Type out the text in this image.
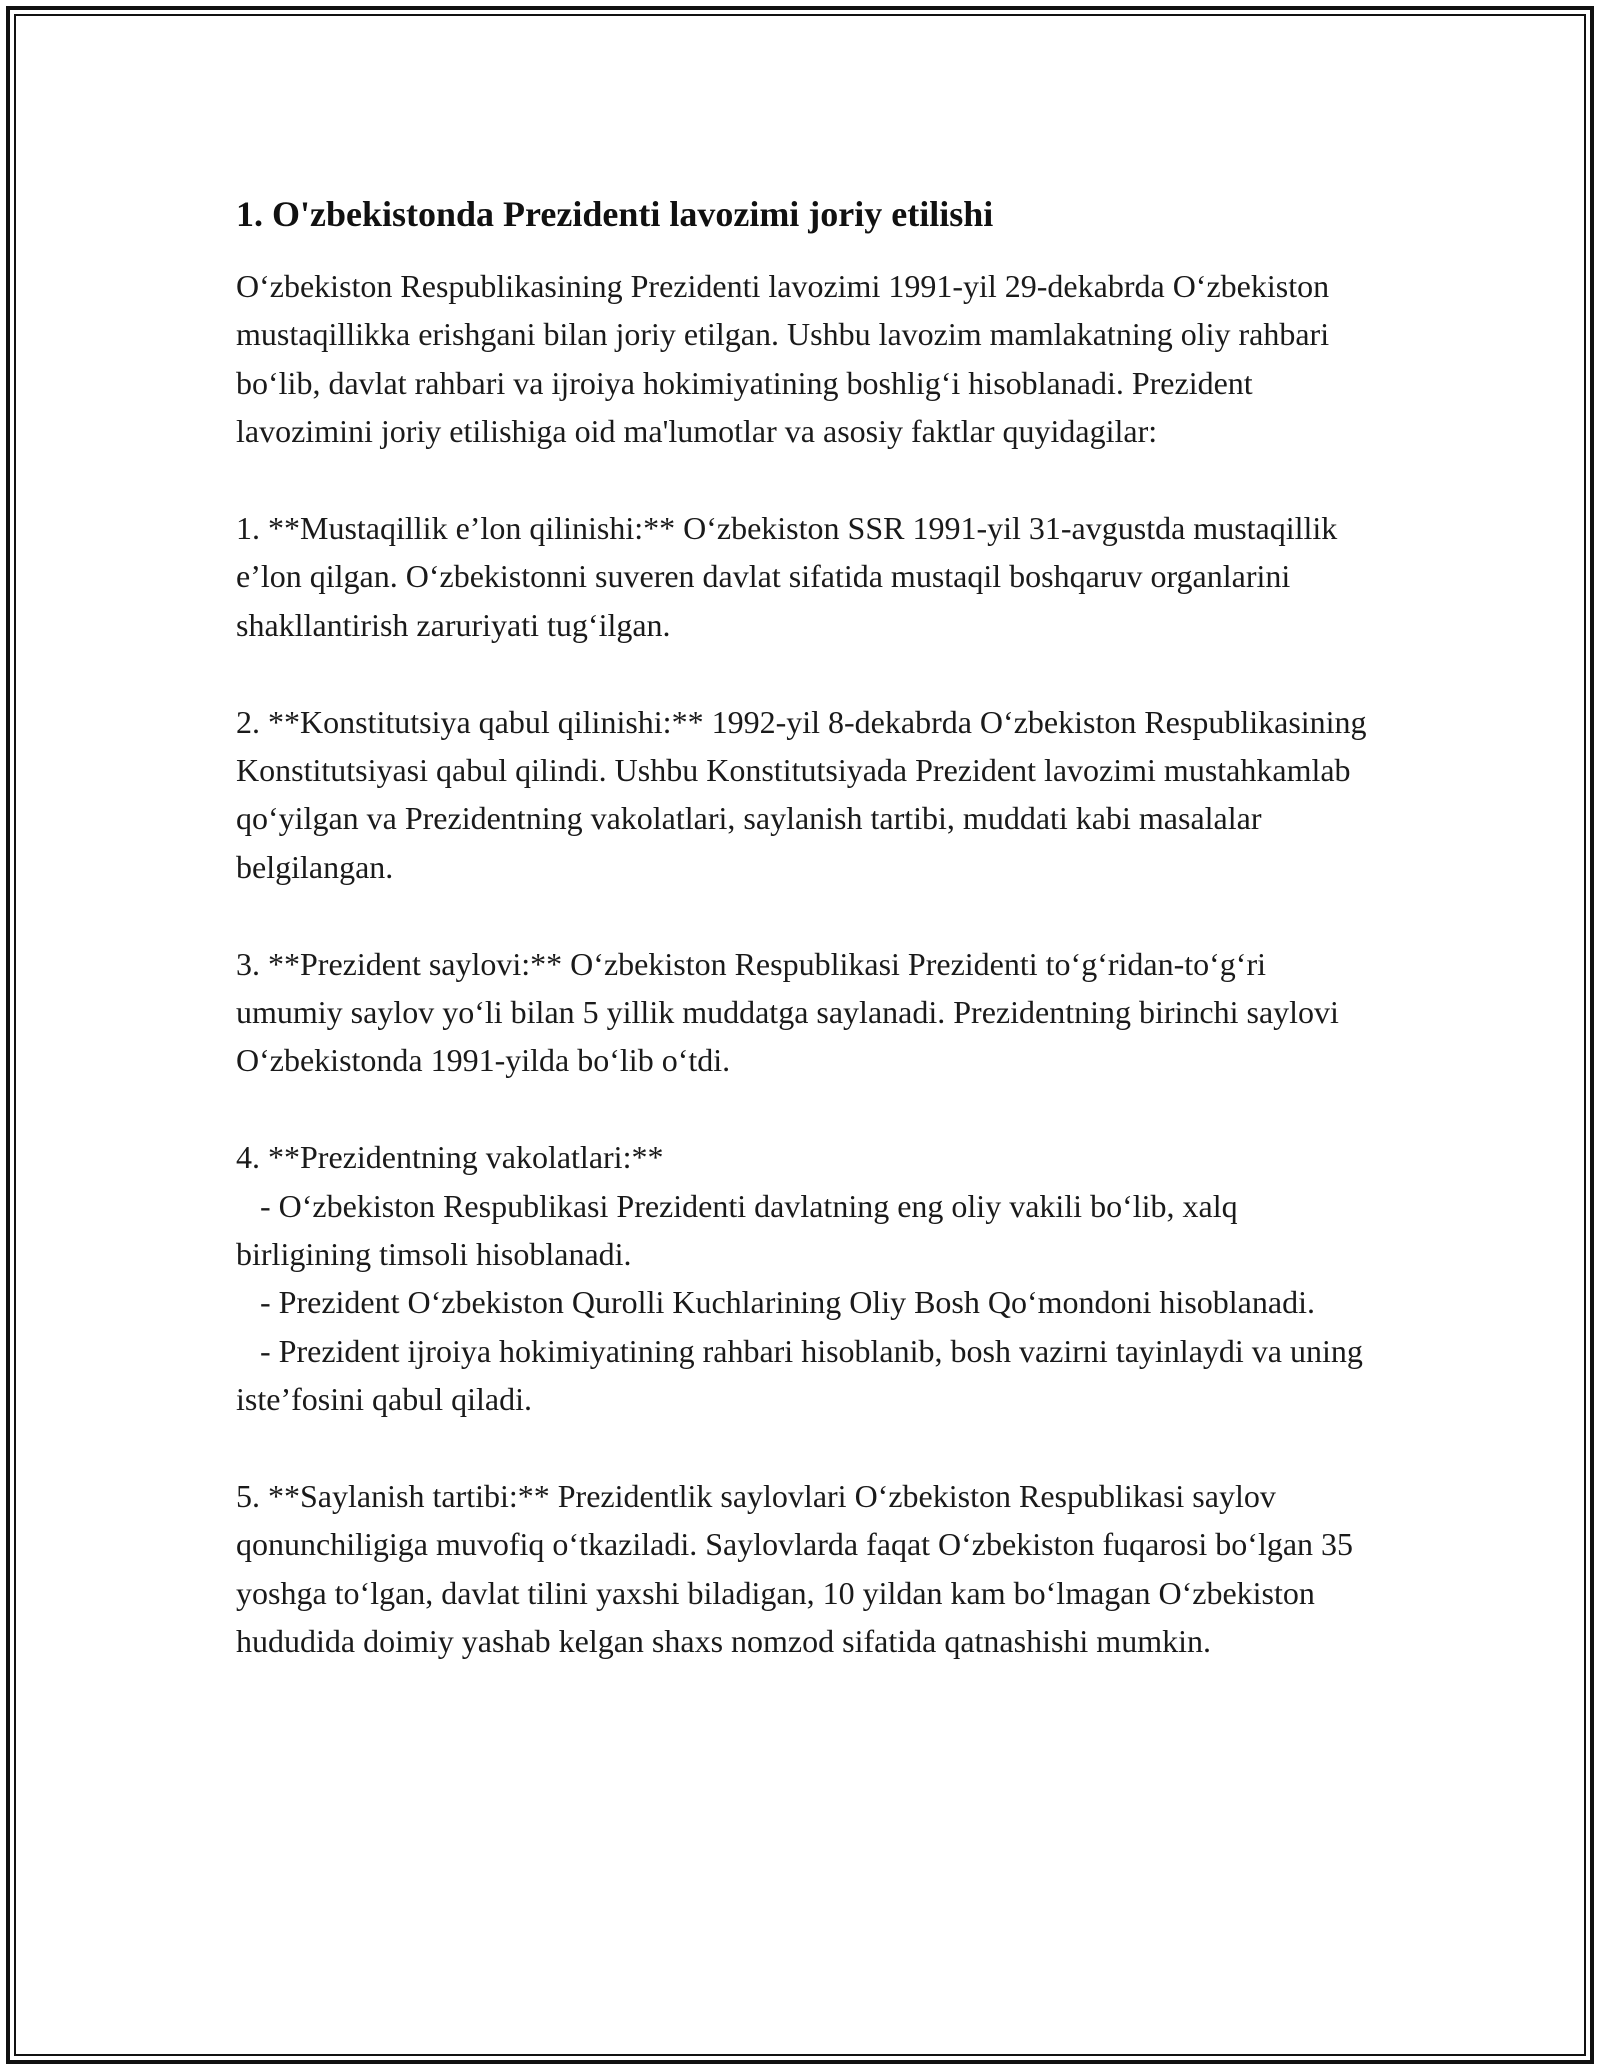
1. O'zbekistonda Prezidenti lavozimi joriy etilishi

O‘zbekiston Respublikasining Prezidenti lavozimi 1991-yil 29-dekabrda O‘zbekiston mustaqillikka erishgani bilan joriy etilgan. Ushbu lavozim mamlakatning oliy rahbari bo‘lib, davlat rahbari va ijroiya hokimiyatining boshlig‘i hisoblanadi. Prezident lavozimini joriy etilishiga oid ma'lumotlar va asosiy faktlar quyidagilar:

1. **Mustaqillik e’lon qilinishi:** O‘zbekiston SSR 1991-yil 31-avgustda mustaqillik e’lon qilgan. O‘zbekistonni suveren davlat sifatida mustaqil boshqaruv organlarini shakllantirish zaruriyati tug‘ilgan.

2. **Konstitutsiya qabul qilinishi:** 1992-yil 8-dekabrda O‘zbekiston Respublikasining Konstitutsiyasi qabul qilindi. Ushbu Konstitutsiyada Prezident lavozimi mustahkamlab qo‘yilgan va Prezidentning vakolatlari, saylanish tartibi, muddati kabi masalalar belgilangan.

3. **Prezident saylovi:** O‘zbekiston Respublikasi Prezidenti to‘g‘ridan-to‘g‘ri umumiy saylov yo‘li bilan 5 yillik muddatga saylanadi. Prezidentning birinchi saylovi O‘zbekistonda 1991-yilda bo‘lib o‘tdi.

4. **Prezidentning vakolatlari:**
- O‘zbekiston Respublikasi Prezidenti davlatning eng oliy vakili bo‘lib, xalq birligining timsoli hisoblanadi.
- Prezident O‘zbekiston Qurolli Kuchlarining Oliy Bosh Qo‘mondoni hisoblanadi.
- Prezident ijroiya hokimiyatining rahbari hisoblanib, bosh vazirni tayinlaydi va uning iste’fosini qabul qiladi.

5. **Saylanish tartibi:** Prezidentlik saylovlari O‘zbekiston Respublikasi saylov qonunchiligiga muvofiq o‘tkaziladi. Saylovlarda faqat O‘zbekiston fuqarosi bo‘lgan 35 yoshga to‘lgan, davlat tilini yaxshi biladigan, 10 yildan kam bo‘lmagan O‘zbekiston hududida doimiy yashab kelgan shaxs nomzod sifatida qatnashishi mumkin.
